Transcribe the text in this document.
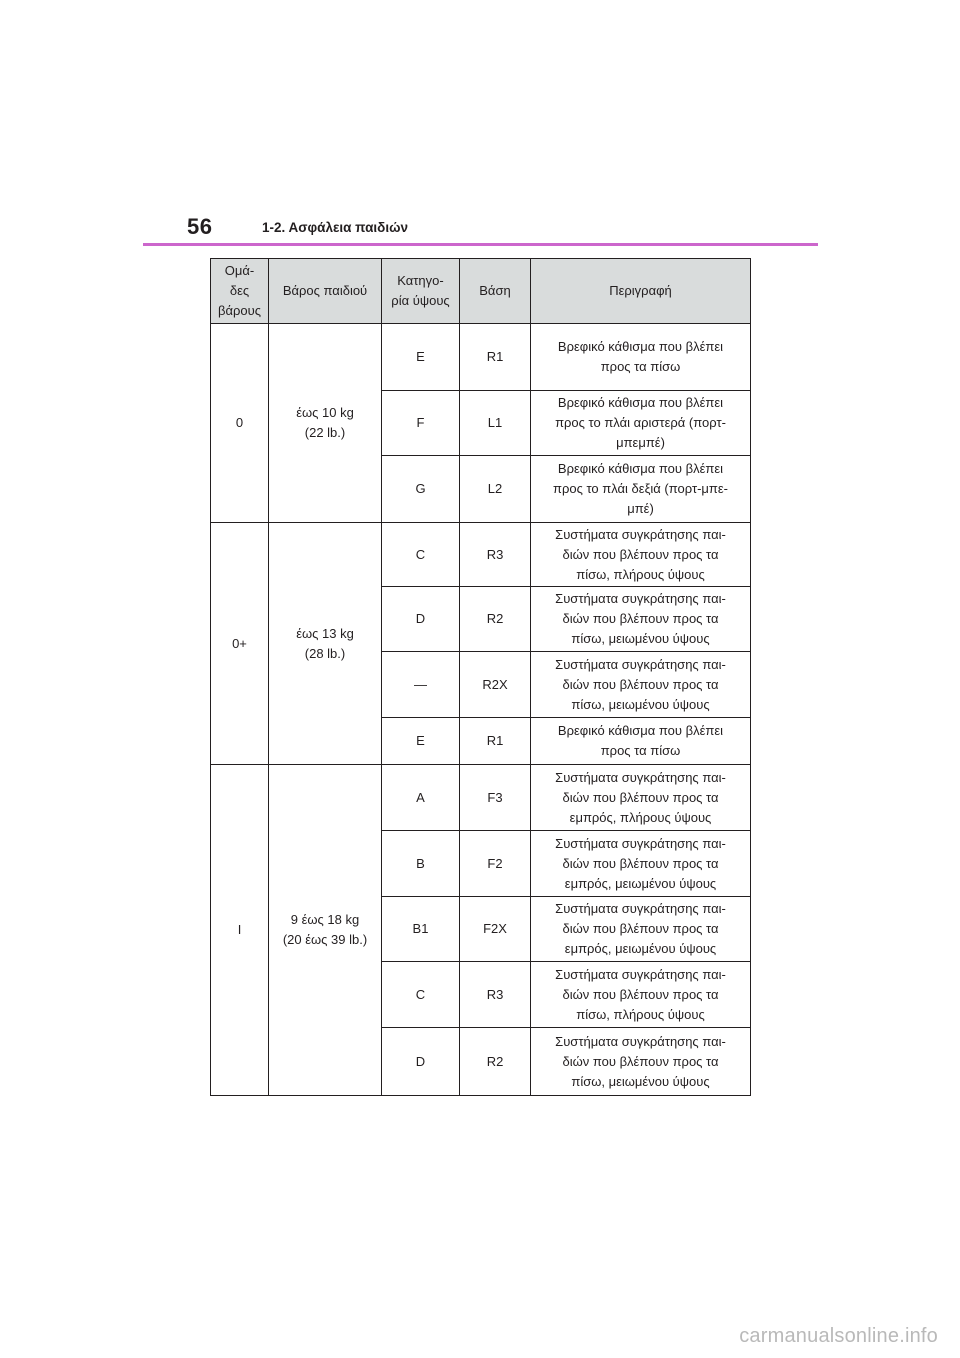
56	1-2. Ασφάλεια παιδιών
Ομά-
δες
βάρους	Βάρος παιδιού	Κατηγο-
ρία ύψους	Βάση	Περιγραφή
0	έως 10 kg
(22 lb.)	E	R1	Βρεφικό κάθισμα που βλέπει
προς τα πίσω
		F	L1	Βρεφικό κάθισμα που βλέπει
προς το πλάι αριστερά (πορτ-
μπεμπέ)
		G	L2	Βρεφικό κάθισμα που βλέπει
προς το πλάι δεξιά (πορτ-μπε-
μπέ)
0+	έως 13 kg
(28 lb.)	C	R3	Συστήματα συγκράτησης παι-
διών που βλέπουν προς τα
πίσω, πλήρους ύψους
		D	R2	Συστήματα συγκράτησης παι-
διών που βλέπουν προς τα
πίσω, μειωμένου ύψους
		—	R2X	Συστήματα συγκράτησης παι-
διών που βλέπουν προς τα
πίσω, μειωμένου ύψους
		E	R1	Βρεφικό κάθισμα που βλέπει
προς τα πίσω
I	9 έως 18 kg
(20 έως 39 lb.)	A	F3	Συστήματα συγκράτησης παι-
διών που βλέπουν προς τα
εμπρός, πλήρους ύψους
		B	F2	Συστήματα συγκράτησης παι-
διών που βλέπουν προς τα
εμπρός, μειωμένου ύψους
		B1	F2X	Συστήματα συγκράτησης παι-
διών που βλέπουν προς τα
εμπρός, μειωμένου ύψους
		C	R3	Συστήματα συγκράτησης παι-
διών που βλέπουν προς τα
πίσω, πλήρους ύψους
		D	R2	Συστήματα συγκράτησης παι-
διών που βλέπουν προς τα
πίσω, μειωμένου ύψους
carmanualsonline.info
